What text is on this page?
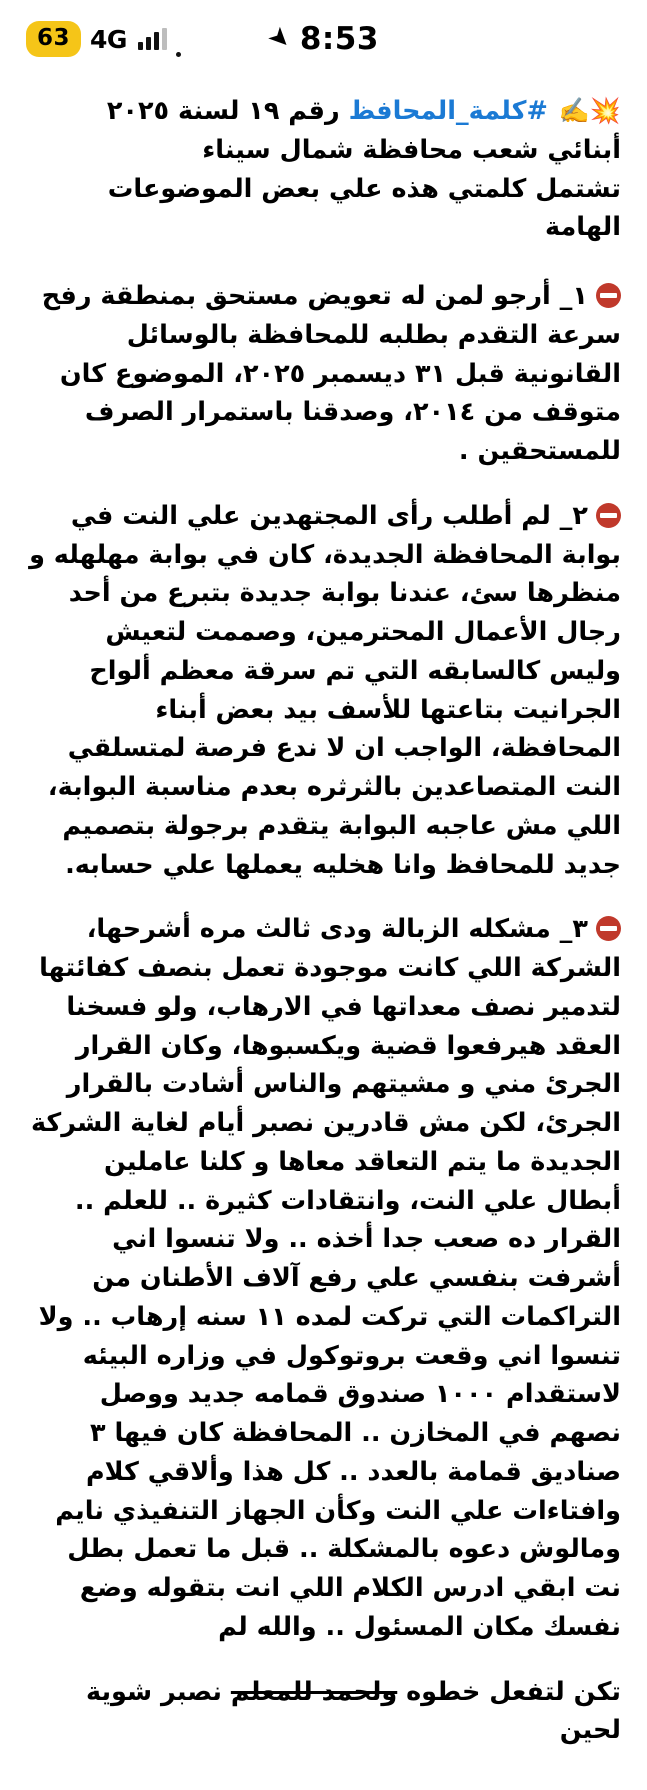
63 4G	➤ 8:53

💥✍️ #كلمة_المحافظ رقم ١٩ لسنة ٢٠٢٥
أبنائي شعب محافظة شمال سيناء
تشتمل كلمتي هذه علي بعض الموضوعات الهامة

١_ أرجو لمن له تعويض مستحق بمنطقة رفح سرعة التقدم بطلبه للمحافظة بالوسائل القانونية قبل ٣١ ديسمبر ٢٠٢٥، الموضوع كان متوقف من ٢٠١٤، وصدقنا باستمرار الصرف للمستحقين .

٢_ لم أطلب رأى المجتهدين علي النت في بوابة المحافظة الجديدة، كان في بوابة مهلهله و منظرها سئ، عندنا بوابة جديدة بتبرع من أحد رجال الأعمال المحترمين، وصممت لتعيش وليس كالسابقه التي تم سرقة معظم ألواح الجرانيت بتاعتها للأسف بيد بعض أبناء المحافظة، الواجب ان لا ندع فرصة لمتسلقي النت المتصاعدين بالثرثره بعدم مناسبة البوابة، اللي مش عاجبه البوابة يتقدم برجولة بتصميم جديد للمحافظ وانا هخليه يعملها علي حسابه.

٣_ مشكله الزبالة ودى ثالث مره أشرحها، الشركة اللي كانت موجودة تعمل بنصف كفائتها لتدمير نصف معداتها في الارهاب، ولو فسخنا العقد هيرفعوا قضية ويكسبوها، وكان القرار الجرئ مني و مشيتهم والناس أشادت بالقرار الجرئ، لكن مش قادرين نصبر أيام لغاية الشركة الجديدة ما يتم التعاقد معاها و كلنا عاملين أبطال علي النت، وانتقادات كثيرة .. للعلم .. القرار ده صعب جدا أخذه .. ولا تنسوا اني أشرفت بنفسي علي رفع آلاف الأطنان من التراكمات التي تركت لمده ١١ سنه إرهاب .. ولا تنسوا اني وقعت بروتوكول في وزاره البيئه لاستقدام ١٠٠٠ صندوق قمامه جديد ووصل نصهم في المخازن .. المحافظة كان فيها ٣ صناديق قمامة بالعدد .. كل هذا وألاقي كلام وافتاءات علي النت وكأن الجهاز التنفيذي نايم ومالوش دعوه بالمشكلة .. قبل ما تعمل بطل نت ابقي ادرس الكلام اللي انت بتقوله وضع نفسك مكان المسئول .. والله لم

تكن لتفعل خطوه ولحمد للمعلم نصبر شوية لحين
